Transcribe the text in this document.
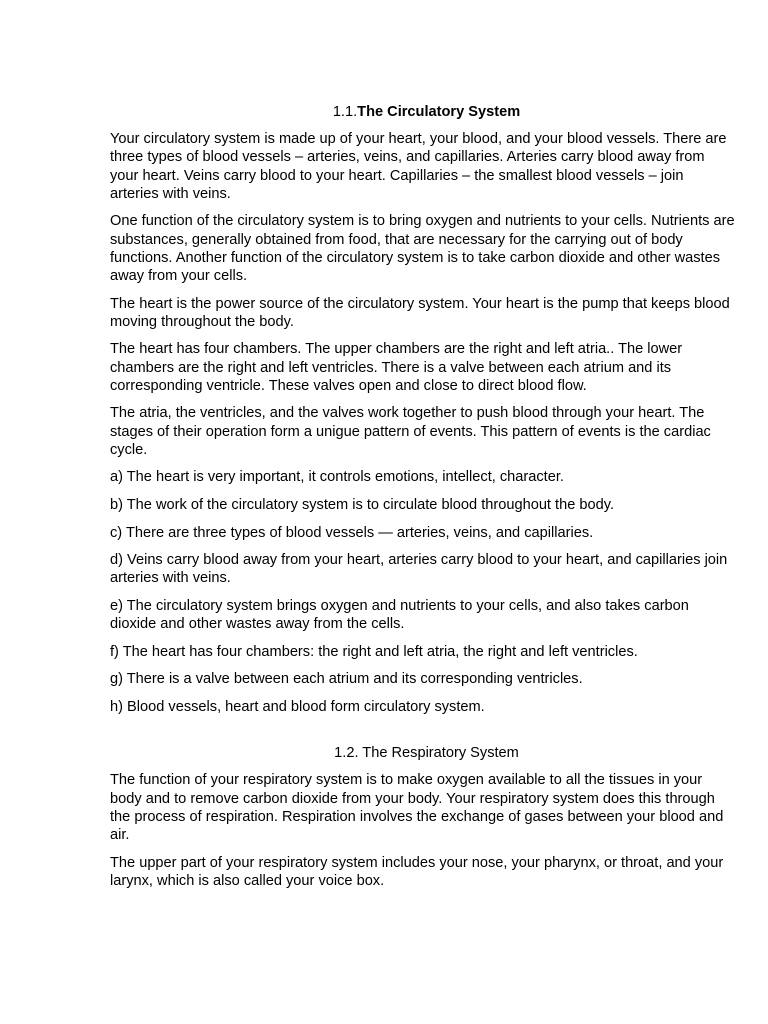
1.1.The Circulatory System

Your circulatory system is made up of your heart, your blood, and your blood vessels. There are three types of blood vessels – arteries, veins, and capillaries. Arteries carry blood away from your heart. Veins carry blood to your heart. Capillaries – the smallest blood vessels – join arteries with veins.

One function of the circulatory system is to bring oxygen and nutrients to your cells. Nutrients are substances, generally obtained from food, that are necessary for the carrying out of body functions. Another function of the circulatory system is to take carbon dioxide and other wastes away from your cells.

The heart is the power source of the circulatory system. Your heart is the pump that keeps blood moving throughout the body.

The heart has four chambers. The upper chambers are the right and left atria.. The lower chambers are the right and left ventricles. There is a valve between each atrium and its corresponding ventricle. These valves open and close to direct blood flow.

The atria, the ventricles, and the valves work together to push blood through your heart. The stages of their operation form a unigue pattern of events. This pattern of events is the cardiac cycle.

a) The heart is very important, it controls emotions, intellect, character.

b) The work of the circulatory system is to circulate blood throughout the body.

c) There are three types of blood vessels — arteries, veins, and capillaries.

d) Veins carry blood away from your heart, arteries carry blood to your heart, and capillaries join arteries with veins.

e) The circulatory system brings oxygen and nutrients to your cells, and also takes carbon dioxide and other wastes away from the cells.

f) The heart has four chambers: the right and left atria, the right and left ventricles.

g) There is a valve between each atrium and its corresponding ventricles.

h) Blood vessels, heart and blood form circulatory system.

1.2. The Respiratory System

The function of your respiratory system is to make oxygen available to all the tissues in your body and to remove carbon dioxide from your body. Your respiratory system does this through the process of respiration. Respiration involves the exchange of gases between your blood and air.

The upper part of your respiratory system includes your nose, your pharynx, or throat, and your larynx, which is also called your voice box.
